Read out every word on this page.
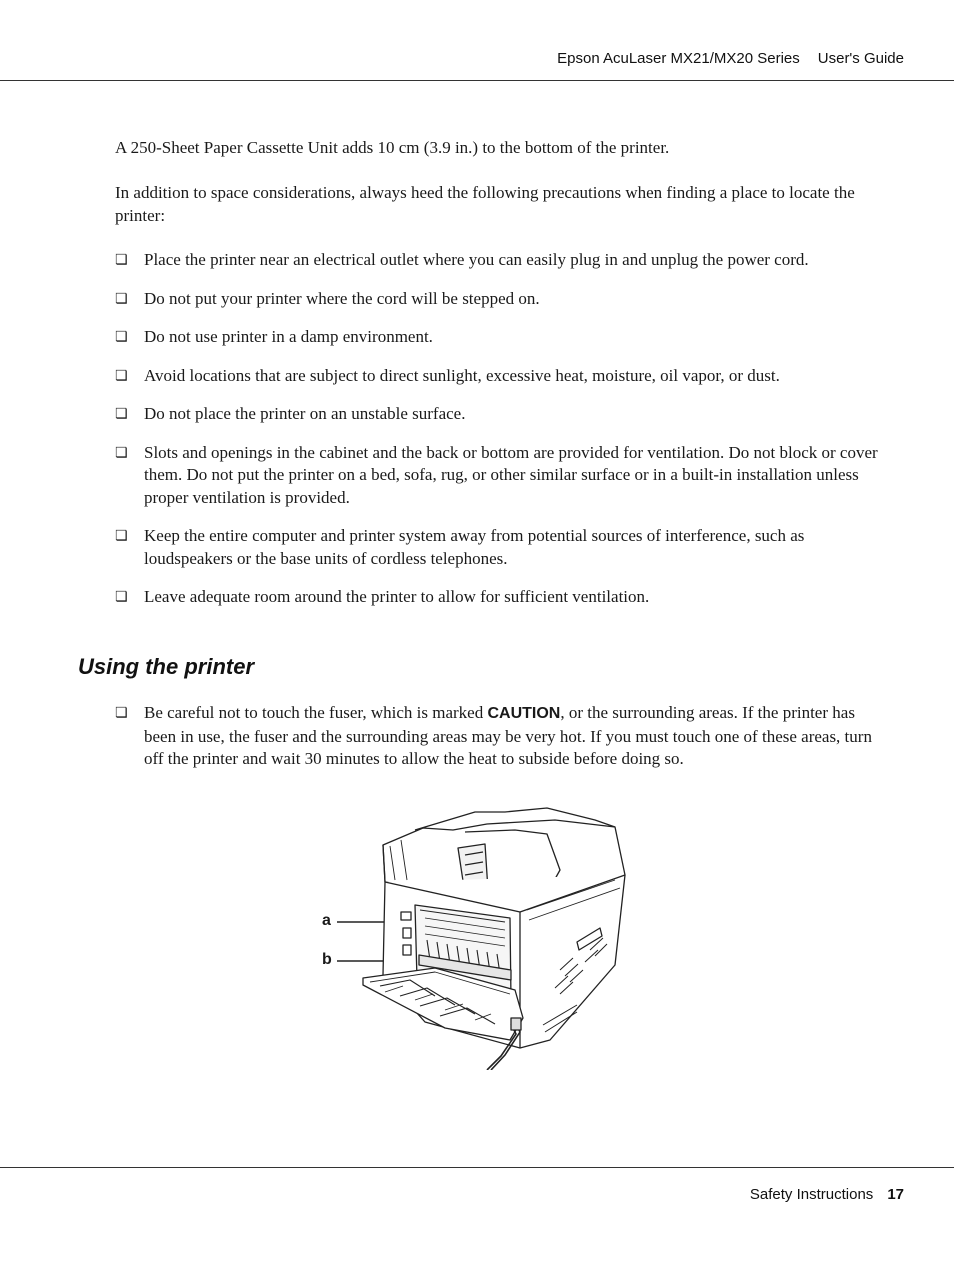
Epson AcuLaser MX21/MX20 Series User's Guide

A 250-Sheet Paper Cassette Unit adds 10 cm (3.9 in.) to the bottom of the printer.

In addition to space considerations, always heed the following precautions when finding a place to locate the printer:

❏ Place the printer near an electrical outlet where you can easily plug in and unplug the power cord.
❏ Do not put your printer where the cord will be stepped on.
❏ Do not use printer in a damp environment.
❏ Avoid locations that are subject to direct sunlight, excessive heat, moisture, oil vapor, or dust.
❏ Do not place the printer on an unstable surface.
❏ Slots and openings in the cabinet and the back or bottom are provided for ventilation. Do not block or cover them. Do not put the printer on a bed, sofa, rug, or other similar surface or in a built-in installation unless proper ventilation is provided.
❏ Keep the entire computer and printer system away from potential sources of interference, such as loudspeakers or the base units of cordless telephones.
❏ Leave adequate room around the printer to allow for sufficient ventilation.
Using the printer
❏ Be careful not to touch the fuser, which is marked CAUTION, or the surrounding areas. If the printer has been in use, the fuser and the surrounding areas may be very hot. If you must touch one of these areas, turn off the printer and wait 30 minutes to allow the heat to subside before doing so.
a
b
Safety Instructions 17
